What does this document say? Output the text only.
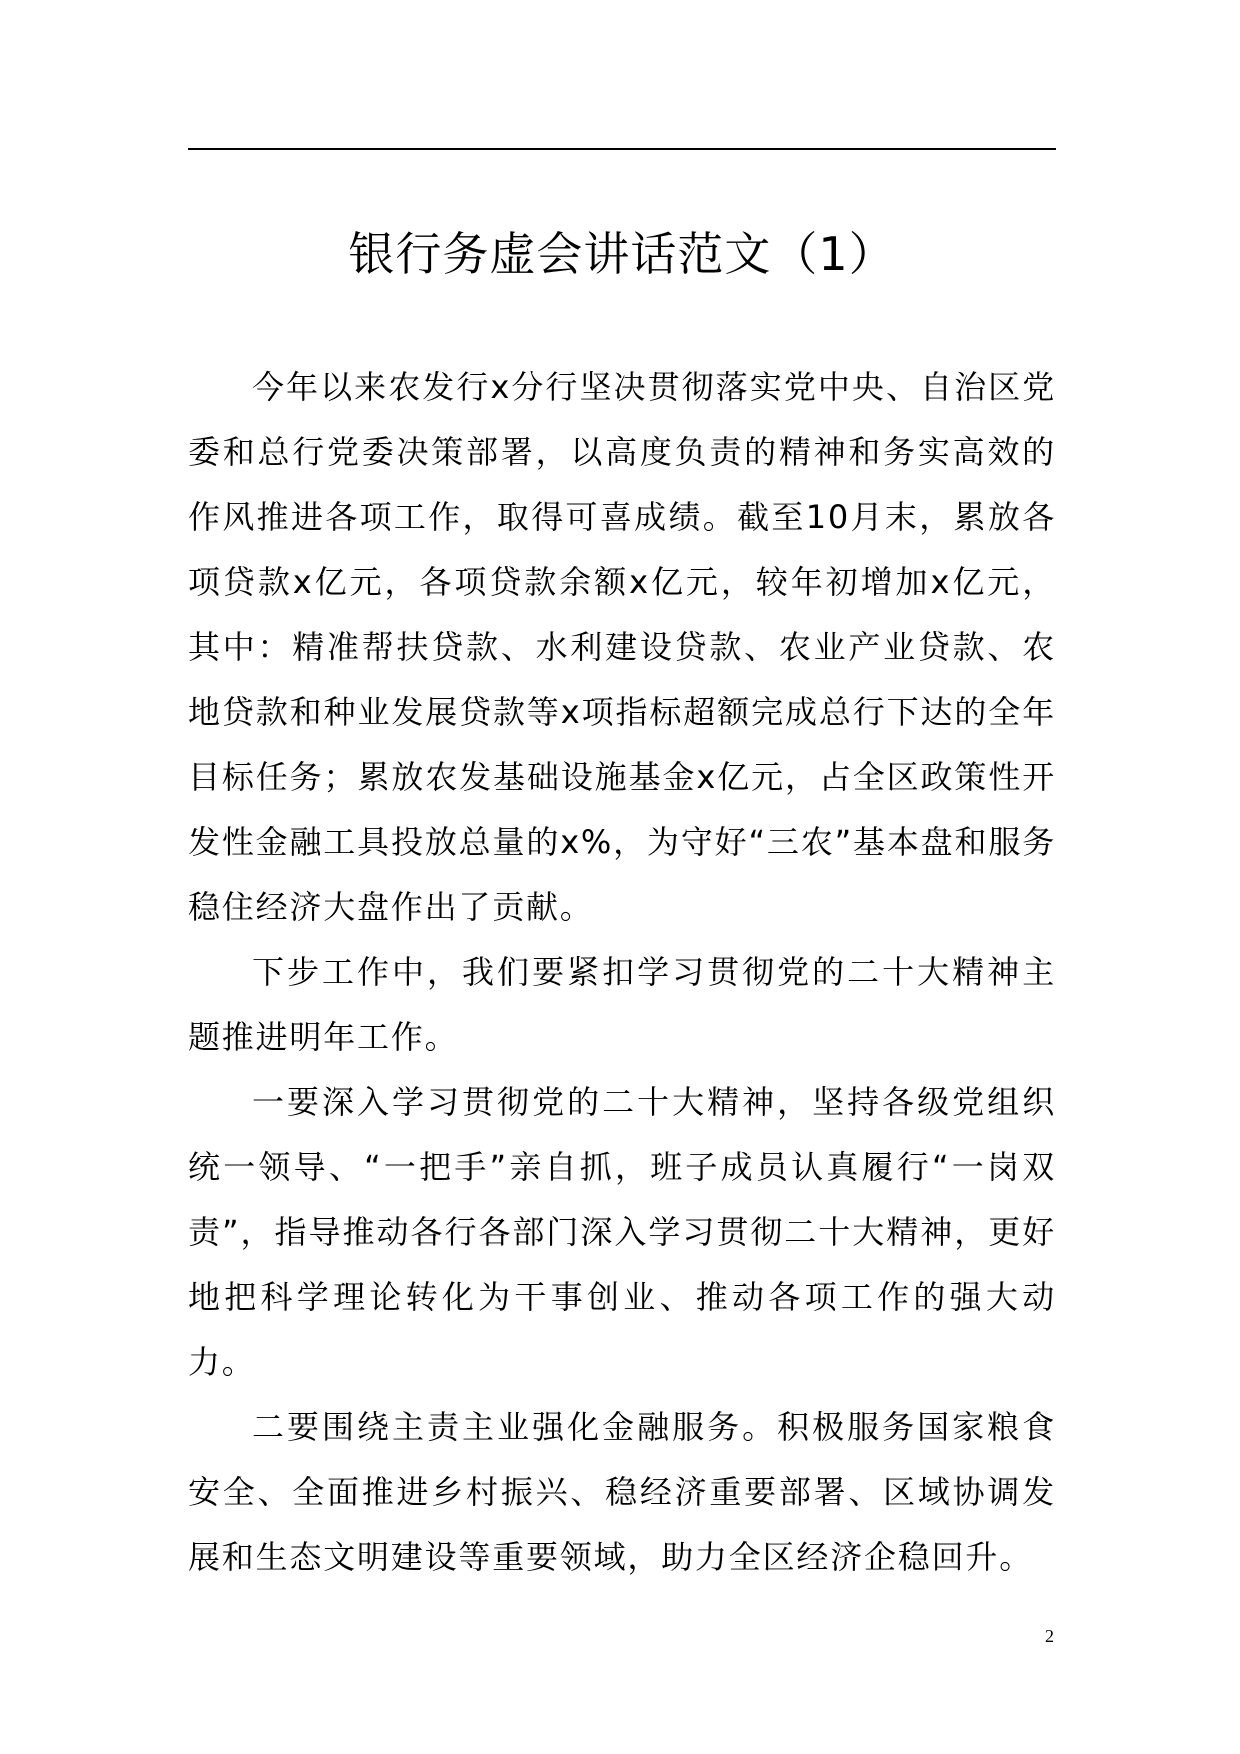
银行务虚会讲话范文（1）

今年以来农发行x分行坚决贯彻落实党中央、自治区党委和总行党委决策部署，以高度负责的精神和务实高效的作风推进各项工作，取得可喜成绩。截至10月末，累放各项贷款x亿元，各项贷款余额x亿元，较年初增加x亿元，其中：精准帮扶贷款、水利建设贷款、农业产业贷款、农地贷款和种业发展贷款等x项指标超额完成总行下达的全年目标任务；累放农发基础设施基金x亿元，占全区政策性开发性金融工具投放总量的x%，为守好“三农”基本盘和服务稳住经济大盘作出了贡献。

下步工作中，我们要紧扣学习贯彻党的二十大精神主题推进明年工作。

一要深入学习贯彻党的二十大精神，坚持各级党组织统一领导、“一把手”亲自抓，班子成员认真履行“一岗双责”，指导推动各行各部门深入学习贯彻二十大精神，更好地把科学理论转化为干事创业、推动各项工作的强大动力。

二要围绕主责主业强化金融服务。积极服务国家粮食安全、全面推进乡村振兴、稳经济重要部署、区域协调发展和生态文明建设等重要领域，助力全区经济企稳回升。

2
